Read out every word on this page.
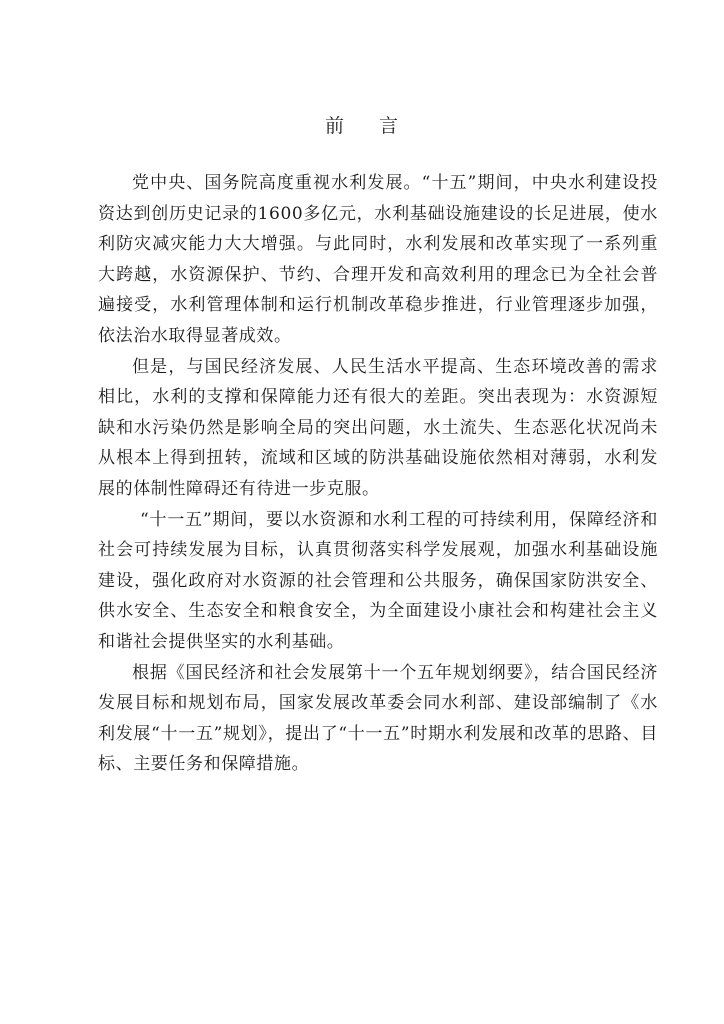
前 言

党中央、国务院高度重视水利发展。“十五”期间，中央水利建设投资达到创历史记录的1600多亿元，水利基础设施建设的长足进展，使水利防灾减灾能力大大增强。与此同时，水利发展和改革实现了一系列重大跨越，水资源保护、节约、合理开发和高效利用的理念已为全社会普遍接受，水利管理体制和运行机制改革稳步推进，行业管理逐步加强，依法治水取得显著成效。

但是，与国民经济发展、人民生活水平提高、生态环境改善的需求相比，水利的支撑和保障能力还有很大的差距。突出表现为：水资源短缺和水污染仍然是影响全局的突出问题，水土流失、生态恶化状况尚未从根本上得到扭转，流域和区域的防洪基础设施依然相对薄弱，水利发展的体制性障碍还有待进一步克服。

“十一五”期间，要以水资源和水利工程的可持续利用，保障经济和社会可持续发展为目标，认真贯彻落实科学发展观，加强水利基础设施建设，强化政府对水资源的社会管理和公共服务，确保国家防洪安全、供水安全、生态安全和粮食安全，为全面建设小康社会和构建社会主义和谐社会提供坚实的水利基础。

根据《国民经济和社会发展第十一个五年规划纲要》，结合国民经济发展目标和规划布局，国家发展改革委会同水利部、建设部编制了《水利发展“十一五”规划》，提出了“十一五”时期水利发展和改革的思路、目标、主要任务和保障措施。
